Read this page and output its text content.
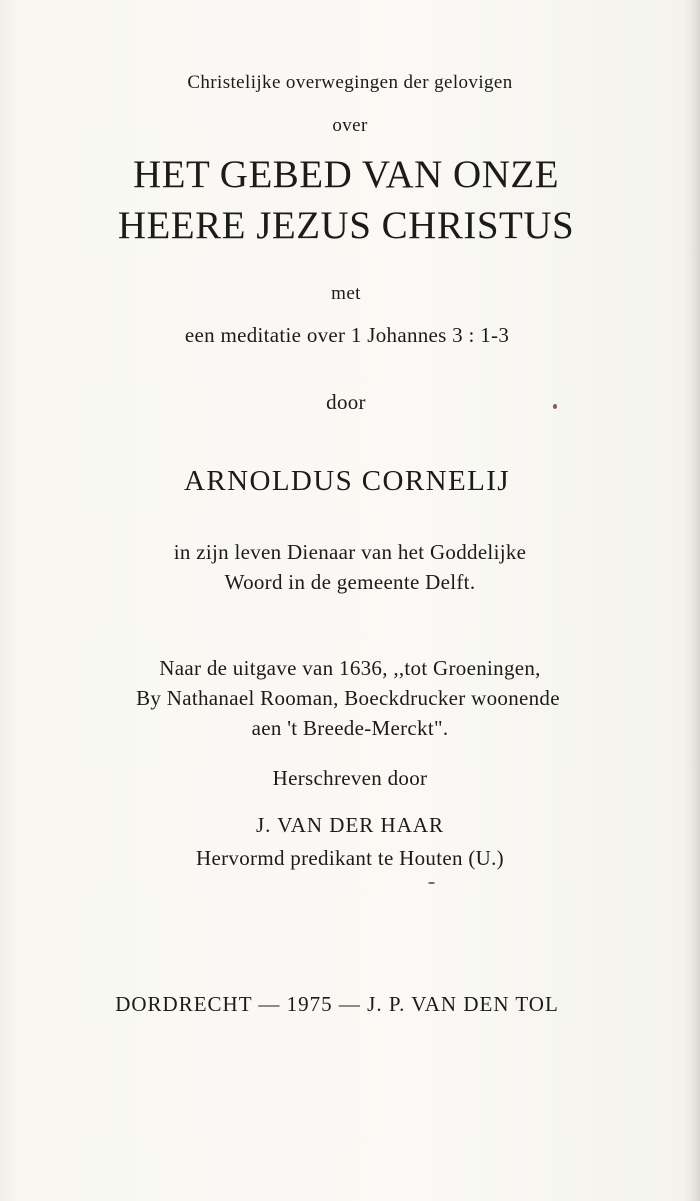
Christelijke overwegingen der gelovigen
over
HET GEBED VAN ONZE
HEERE JEZUS CHRISTUS
met
een meditatie over 1 Johannes 3 : 1-3
door
ARNOLDUS CORNELIJ
in zijn leven Dienaar van het Goddelijke
Woord in de gemeente Delft.
Naar de uitgave van 1636, ,,tot Groeningen,
By Nathanael Rooman, Boeckdrucker woonende
aen 't Breede-Merckt".
Herschreven door
J. VAN DER HAAR
Hervormd predikant te Houten (U.)
DORDRECHT — 1975 — J. P. VAN DEN TOL
